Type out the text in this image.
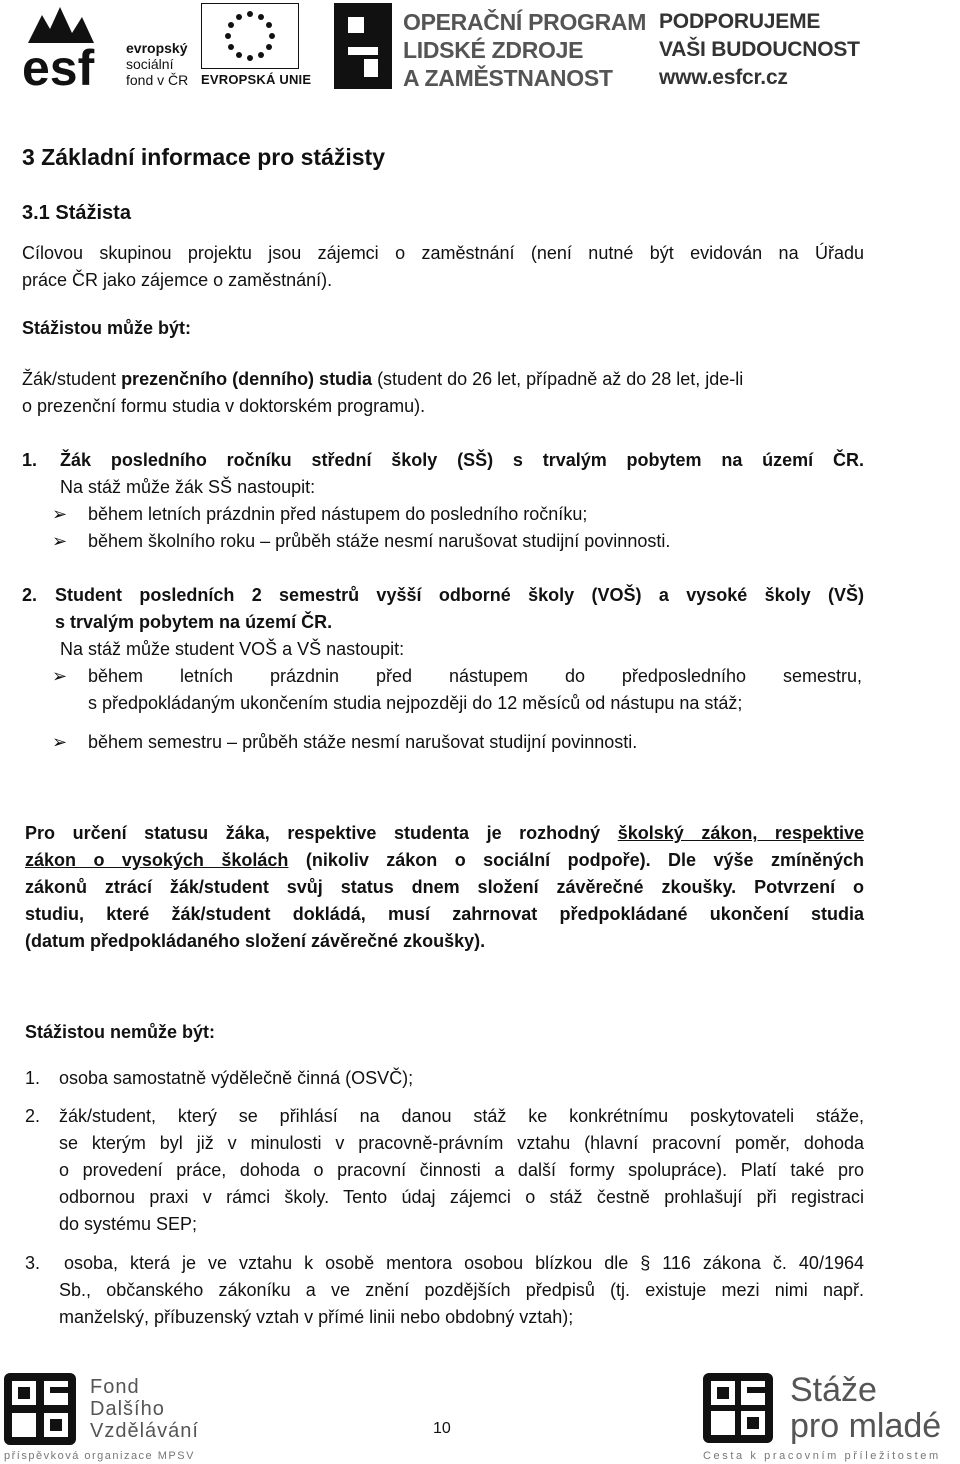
esf evropský
sociální
fond v ČR EVROPSKÁ UNIE
OPERAČNÍ PROGRAM
LIDSKÉ ZDROJE
A ZAMĚSTNANOST
PODPORUJEME
VAŠI BUDOUCNOST
www.esfcr.cz
3 Základní informace pro stážisty
3.1 Stážista
Cílovou skupinou projektu jsou zájemci o zaměstnání (není nutné být evidován na Úřadu
práce ČR jako zájemce o zaměstnání).
Stážistou může být:
Žák/student prezenčního (denního) studia (student do 26 let, případně až do 28 let, jde-li
o prezenční formu studia v doktorském programu).
1. Žák posledního ročníku střední školy (SŠ) s trvalým pobytem na území ČR.
Na stáž může žák SŠ nastoupit:
➢ během letních prázdnin před nástupem do posledního ročníku;
➢ během školního roku – průběh stáže nesmí narušovat studijní povinnosti.
2. Student posledních 2 semestrů vyšší odborné školy (VOŠ) a vysoké školy (VŠ)
s trvalým pobytem na území ČR.
Na stáž může student VOŠ a VŠ nastoupit:
➢ během letních prázdnin před nástupem do předposledního semestru,
s předpokládaným ukončením studia nejpozději do 12 měsíců od nástupu na stáž;
➢ během semestru – průběh stáže nesmí narušovat studijní povinnosti.
Pro určení statusu žáka, respektive studenta je rozhodný školský zákon, respektive
zákon o vysokých školách (nikoliv zákon o sociální podpoře). Dle výše zmíněných
zákonů ztrácí žák/student svůj status dnem složení závěrečné zkoušky. Potvrzení o
studiu, které žák/student dokládá, musí zahrnovat předpokládané ukončení studia
(datum předpokládaného složení závěrečné zkoušky).
Stážistou nemůže být:
1. osoba samostatně výdělečně činná (OSVČ);
2. žák/student, který se přihlásí na danou stáž ke konkrétnímu poskytovateli stáže,
se kterým byl již v minulosti v pracovně-právním vztahu (hlavní pracovní poměr, dohoda
o provedení práce, dohoda o pracovní činnosti a další formy spolupráce). Platí také pro
odbornou praxi v rámci školy. Tento údaj zájemci o stáž čestně prohlašují při registraci
do systému SEP;
3. osoba, která je ve vztahu k osobě mentora osobou blízkou dle § 116 zákona č. 40/1964
Sb., občanského zákoníku a ve znění pozdějších předpisů (tj. existuje mezi nimi např.
manželský, příbuzenský vztah v přímé linii nebo obdobný vztah);
Fond
Dalšího
Vzdělávání
příspěvková organizace MPSV
10
Stáže
pro mladé
Cesta k pracovním příležitostem
